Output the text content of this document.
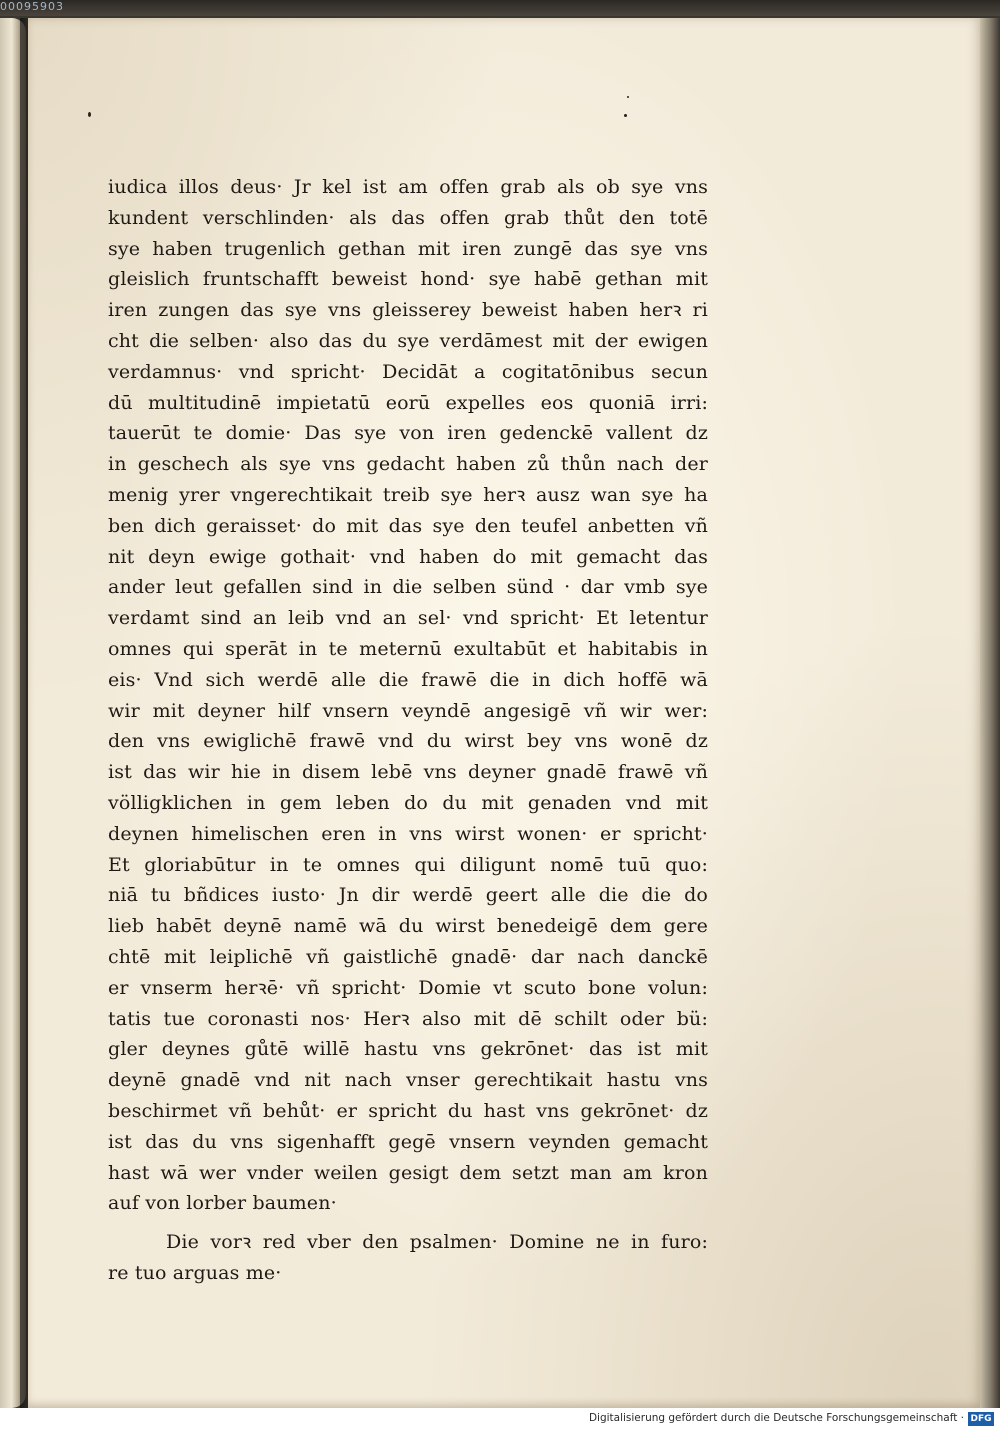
00095903
iudica illos deus· Jr kel ist am offen grab als ob sye vns
kundent verschlinden· als das offen grab thůt den totē
sye haben trugenlich gethan mit iren zungē das sye vns
gleislich fruntschafft beweist hond· sye habē gethan mit
iren zungen das sye vns gleisserey beweist haben herꝛ ri
cht die selben· also das du sye verdāmest mit der ewigen
verdamnus· vnd spricht· Decidāt a cogitatōnibus secun
dū multitudinē impietatū eorū expelles eos quoniā irri:
tauerūt te domie· Das sye von iren gedenckē vallent dz
in geschech als sye vns gedacht haben zů thůn nach der
menig yrer vngerechtikait treib sye herꝛ ausz wan sye ha
ben dich geraisset· do mit das sye den teufel anbetten vñ
nit deyn ewige gothait· vnd haben do mit gemacht das
ander leut gefallen sind in die selben sünd · dar vmb sye
verdamt sind an leib vnd an sel· vnd spricht· Et letentur
omnes qui sperāt in te meternū exultabūt et habitabis in
eis· Vnd sich werdē alle die frawē die in dich hoffē wā
wir mit deyner hilf vnsern veyndē angesigē vñ wir wer:
den vns ewiglichē frawē vnd du wirst bey vns wonē dz
ist das wir hie in disem lebē vns deyner gnadē frawē vñ
völligklichen in gem leben do du mit genaden vnd mit
deynen himelischen eren in vns wirst wonen· er spricht·
Et gloriabūtur in te omnes qui diligunt nomē tuū quo:
niā tu bñdices iusto· Jn dir werdē geert alle die die do
lieb habēt deynē namē wā du wirst benedeigē dem gere
chtē mit leiplichē vñ gaistlichē gnadē· dar nach danckē
er vnserm herꝛē· vñ spricht· Domie vt scuto bone volun:
tatis tue coronasti nos· Herꝛ also mit dē schilt oder bü:
gler deynes gůtē willē hastu vns gekrōnet· das ist mit
deynē gnadē vnd nit nach vnser gerechtikait hastu vns
beschirmet vñ behůt· er spricht du hast vns gekrōnet· dz
ist das du vns sigenhafft gegē vnsern veynden gemacht
hast wā wer vnder weilen gesigt dem setzt man am kron
auf von lorber baumen·
Die vorꝛ red vber den psalmen· Domine ne in furo:
re tuo arguas me·
Digitalisierung gefördert durch die Deutsche Forschungsgemeinschaft · DFG
